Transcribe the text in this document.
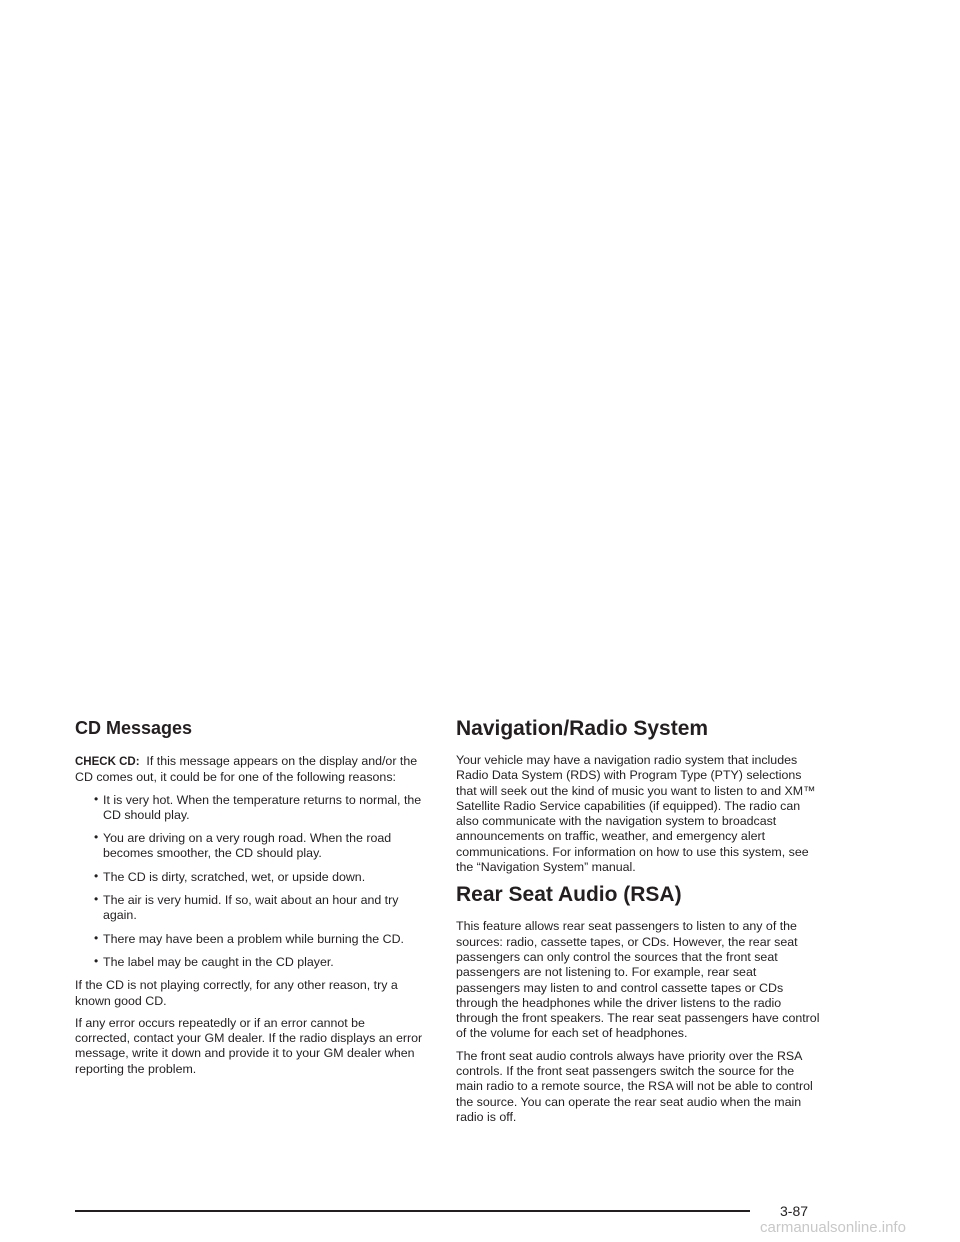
CD Messages

CHECK CD: If this message appears on the display and/or the CD comes out, it could be for one of the following reasons:

• It is very hot. When the temperature returns to normal, the CD should play.
• You are driving on a very rough road. When the road becomes smoother, the CD should play.
• The CD is dirty, scratched, wet, or upside down.
• The air is very humid. If so, wait about an hour and try again.
• There may have been a problem while burning the CD.
• The label may be caught in the CD player.

If the CD is not playing correctly, for any other reason, try a known good CD.

If any error occurs repeatedly or if an error cannot be corrected, contact your GM dealer. If the radio displays an error message, write it down and provide it to your GM dealer when reporting the problem.

Navigation/Radio System

Your vehicle may have a navigation radio system that includes Radio Data System (RDS) with Program Type (PTY) selections that will seek out the kind of music you want to listen to and XM™ Satellite Radio Service capabilities (if equipped). The radio can also communicate with the navigation system to broadcast announcements on traffic, weather, and emergency alert communications. For information on how to use this system, see the “Navigation System” manual.

Rear Seat Audio (RSA)

This feature allows rear seat passengers to listen to any of the sources: radio, cassette tapes, or CDs. However, the rear seat passengers can only control the sources that the front seat passengers are not listening to. For example, rear seat passengers may listen to and control cassette tapes or CDs through the headphones while the driver listens to the radio through the front speakers. The rear seat passengers have control of the volume for each set of headphones.

The front seat audio controls always have priority over the RSA controls. If the front seat passengers switch the source for the main radio to a remote source, the RSA will not be able to control the source. You can operate the rear seat audio when the main radio is off.

3-87
carmanualsonline.info
